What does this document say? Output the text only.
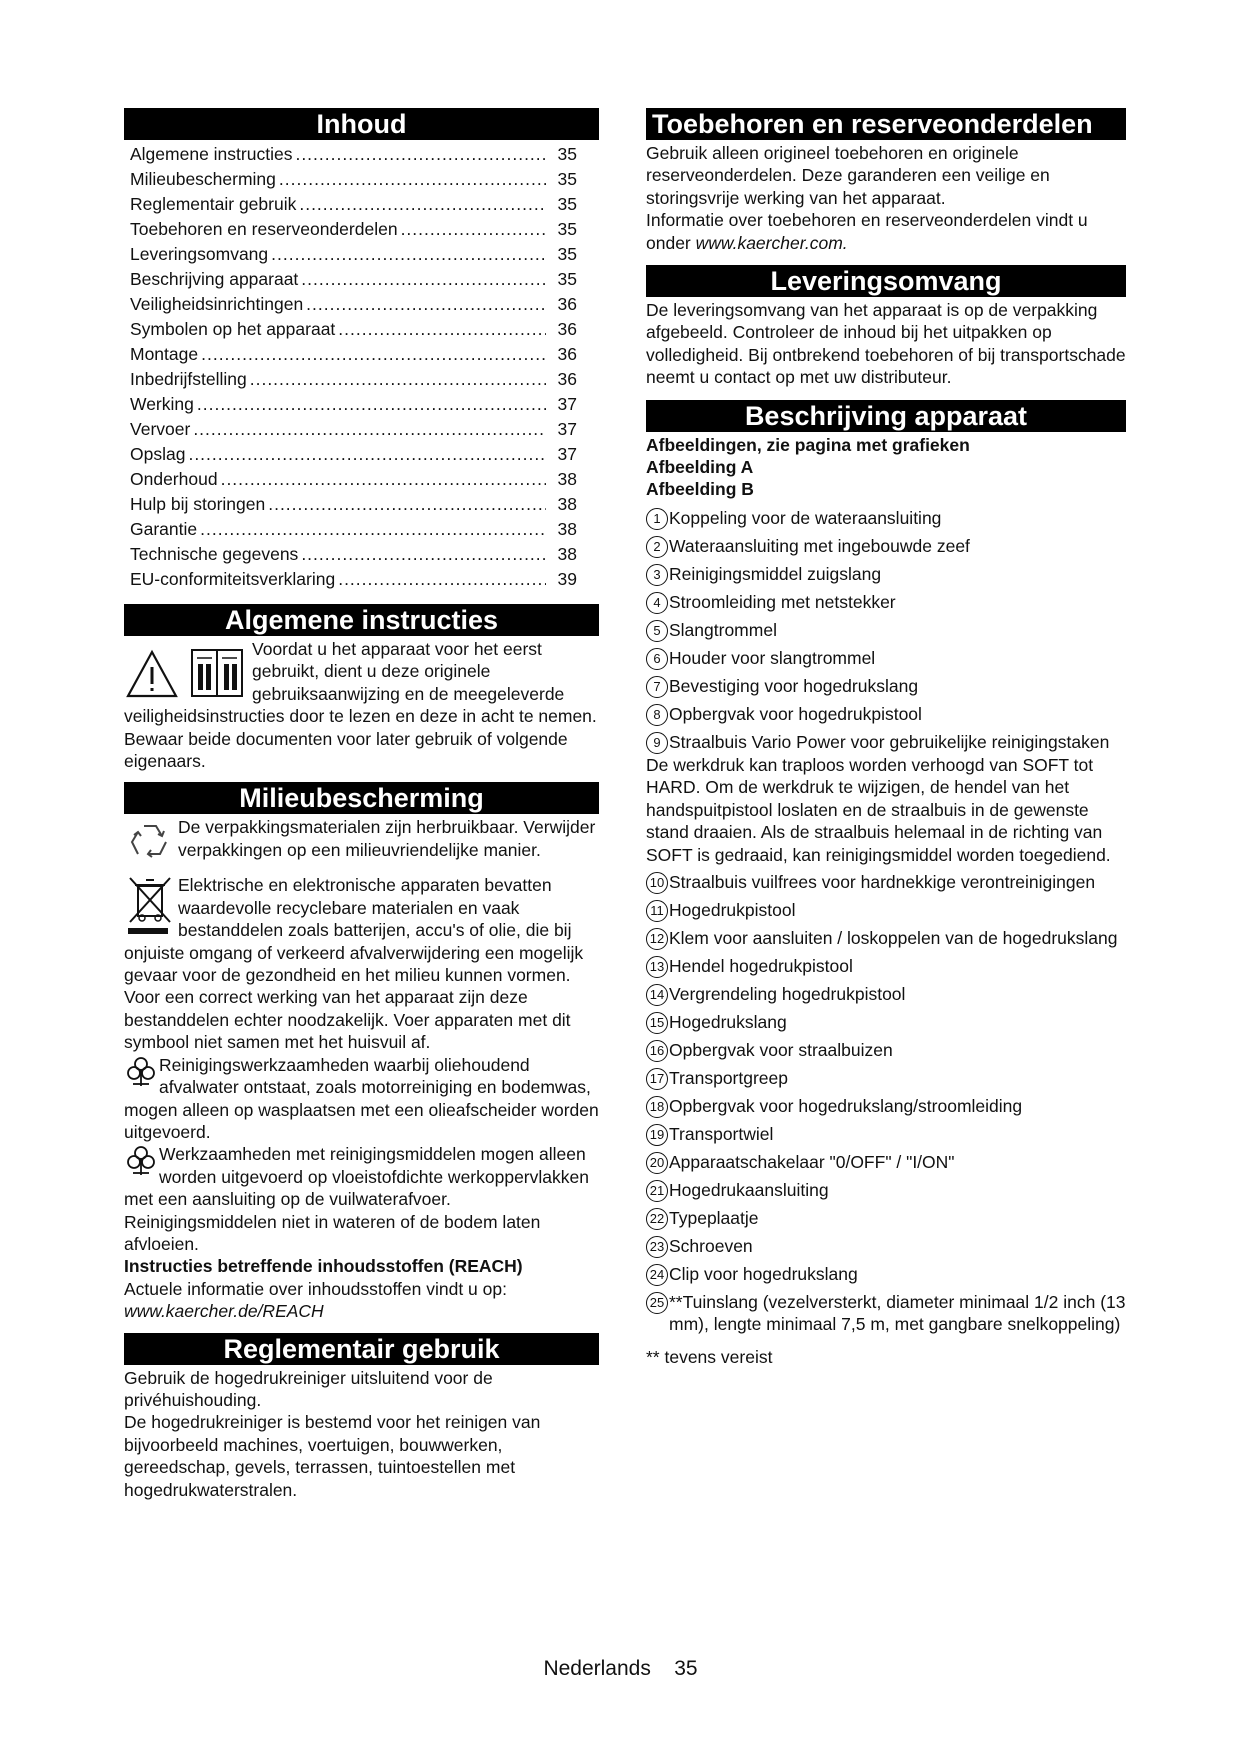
Inhoud
Algemene instructies .....	35
Milieubescherming .....	35
Reglementair gebruik .....	35
Toebehoren en reserveonderdelen .....	35
Leveringsomvang .....	35
Beschrijving apparaat .....	35
Veiligheidsinrichtingen .....	36
Symbolen op het apparaat .....	36
Montage .....	36
Inbedrijfstelling .....	36
Werking .....	37
Vervoer .....	37
Opslag .....	37
Onderhoud .....	38
Hulp bij storingen .....	38
Garantie .....	38
Technische gegevens .....	38
EU-conformiteitsverklaring .....	39
Algemene instructies

Voordat u het apparaat voor het eerst gebruikt, dient u deze originele gebruiksaanwijzing en de meegeleverde veiligheidsinstructies door te lezen en deze in acht te nemen.

Bewaar beide documenten voor later gebruik of volgende eigenaars.

Milieubescherming

De verpakkingsmaterialen zijn herbruikbaar. Verwijder verpakkingen op een milieuvriendelijke manier.

Elektrische en elektronische apparaten bevatten waardevolle recyclebare materialen en vaak bestanddelen zoals batterijen, accu's of olie, die bij onjuiste omgang of verkeerd afvalverwijdering een mogelijk gevaar voor de gezondheid en het milieu kunnen vormen. Voor een correct werking van het apparaat zijn deze bestanddelen echter noodzakelijk. Voer apparaten met dit symbool niet samen met het huisvuil af.

Reinigingswerkzaamheden waarbij oliehoudend afvalwater ontstaat, zoals motorreiniging en bodemwas, mogen alleen op wasplaatsen met een olieafscheider worden uitgevoerd.

Werkzaamheden met reinigingsmiddelen mogen alleen worden uitgevoerd op vloeistofdichte werkoppervlakken met een aansluiting op de vuilwaterafvoer. Reinigingsmiddelen niet in wateren of de bodem laten afvloeien.

Instructies betreffende inhoudsstoffen (REACH)

Actuele informatie over inhoudsstoffen vindt u op:

www.kaercher.de/REACH

Reglementair gebruik

Gebruik de hogedrukreiniger uitsluitend voor de privéhuishouding.

De hogedrukreiniger is bestemd voor het reinigen van bijvoorbeeld machines, voertuigen, bouwwerken, gereedschap, gevels, terrassen, tuintoestellen met hogedrukwaterstralen.

Toebehoren en reserveonderdelen

Gebruik alleen origineel toebehoren en originele reserveonderdelen. Deze garanderen een veilige en storingsvrije werking van het apparaat.

Informatie over toebehoren en reserveonderdelen vindt u onder www.kaercher.com.

Leveringsomvang

De leveringsomvang van het apparaat is op de verpakking afgebeeld. Controleer de inhoud bij het uitpakken op volledigheid. Bij ontbrekend toebehoren of bij transportschade neemt u contact op met uw distributeur.

Beschrijving apparaat

Afbeeldingen, zie pagina met grafieken

Afbeelding A

Afbeelding B

1 Koppeling voor de wateraansluiting
2 Wateraansluiting met ingebouwde zeef
3 Reinigingsmiddel zuigslang
4 Stroomleiding met netstekker
5 Slangtrommel
6 Houder voor slangtrommel
7 Bevestiging voor hogedrukslang
8 Opbergvak voor hogedrukpistool
9 Straalbuis Vario Power voor gebruikelijke reinigingstaken
De werkdruk kan traploos worden verhoogd van SOFT tot HARD. Om de werkdruk te wijzigen, de hendel van het handspuitpistool loslaten en de straalbuis in de gewenste stand draaien. Als de straalbuis helemaal in de richting van SOFT is gedraaid, kan reinigingsmiddel worden toegediend.
10 Straalbuis vuilfrees voor hardnekkige verontreinigingen
11 Hogedrukpistool
12 Klem voor aansluiten / loskoppelen van de hogedrukslang
13 Hendel hogedrukpistool
14 Vergrendeling hogedrukpistool
15 Hogedrukslang
16 Opbergvak voor straalbuizen
17 Transportgreep
18 Opbergvak voor hogedrukslang/stroomleiding
19 Transportwiel
20 Apparaatschakelaar "0/OFF" / "I/ON"
21 Hogedrukaansluiting
22 Typeplaatje
23 Schroeven
24 Clip voor hogedrukslang
25 **Tuinslang (vezelversterkt, diameter minimaal 1/2 inch (13 mm), lengte minimaal 7,5 m, met gangbare snelkoppeling)

** tevens vereist

Nederlands 35
